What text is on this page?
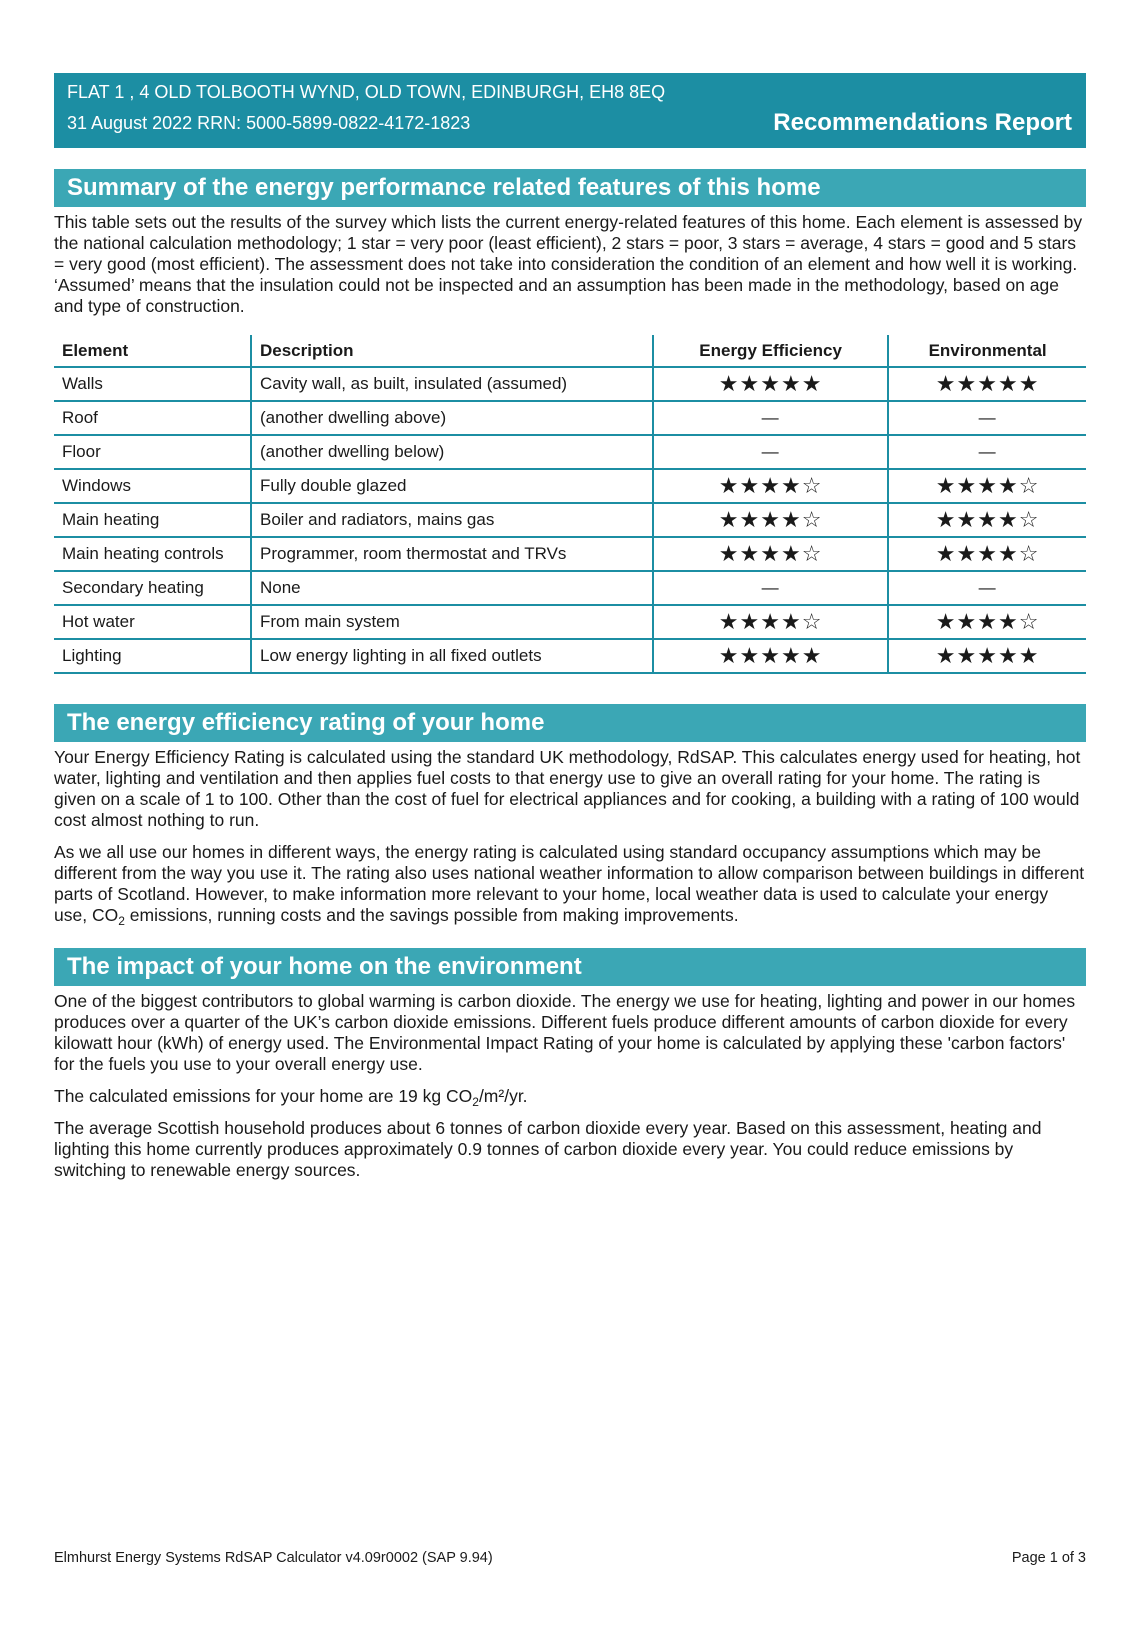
FLAT 1 , 4 OLD TOLBOOTH WYND, OLD TOWN, EDINBURGH, EH8 8EQ
31 August 2022 RRN: 5000-5899-0822-4172-1823	Recommendations Report
Summary of the energy performance related features of this home

This table sets out the results of the survey which lists the current energy-related features of this home. Each element is assessed by the national calculation methodology; 1 star = very poor (least efficient), 2 stars = poor, 3 stars = average, 4 stars = good and 5 stars = very good (most efficient). The assessment does not take into consideration the condition of an element and how well it is working. ‘Assumed’ means that the insulation could not be inspected and an assumption has been made in the methodology, based on age and type of construction.

Element	Description	Energy Efficiency	Environmental
Walls	Cavity wall, as built, insulated (assumed)	★★★★★	★★★★★
Roof	(another dwelling above)	—	—
Floor	(another dwelling below)	—	—
Windows	Fully double glazed	★★★★☆	★★★★☆
Main heating	Boiler and radiators, mains gas	★★★★☆	★★★★☆
Main heating controls	Programmer, room thermostat and TRVs	★★★★☆	★★★★☆
Secondary heating	None	—	—
Hot water	From main system	★★★★☆	★★★★☆
Lighting	Low energy lighting in all fixed outlets	★★★★★	★★★★★
The energy efficiency rating of your home

Your Energy Efficiency Rating is calculated using the standard UK methodology, RdSAP. This calculates energy used for heating, hot water, lighting and ventilation and then applies fuel costs to that energy use to give an overall rating for your home. The rating is given on a scale of 1 to 100. Other than the cost of fuel for electrical appliances and for cooking, a building with a rating of 100 would cost almost nothing to run.

As we all use our homes in different ways, the energy rating is calculated using standard occupancy assumptions which may be different from the way you use it. The rating also uses national weather information to allow comparison between buildings in different parts of Scotland. However, to make information more relevant to your home, local weather data is used to calculate your energy use, $CO_2$ emissions, running costs and the savings possible from making improvements.

The impact of your home on the environment

One of the biggest contributors to global warming is carbon dioxide. The energy we use for heating, lighting and power in our homes produces over a quarter of the UK’s carbon dioxide emissions. Different fuels produce different amounts of carbon dioxide for every kilowatt hour (kWh) of energy used. The Environmental Impact Rating of your home is calculated by applying these 'carbon factors' for the fuels you use to your overall energy use.

The calculated emissions for your home are 19 kg $CO_2/m^2/yr$.

The average Scottish household produces about 6 tonnes of carbon dioxide every year. Based on this assessment, heating and lighting this home currently produces approximately 0.9 tonnes of carbon dioxide every year. You could reduce emissions by switching to renewable energy sources.

Elmhurst Energy Systems RdSAP Calculator v4.09r0002 (SAP 9.94)	Page 1 of 3
